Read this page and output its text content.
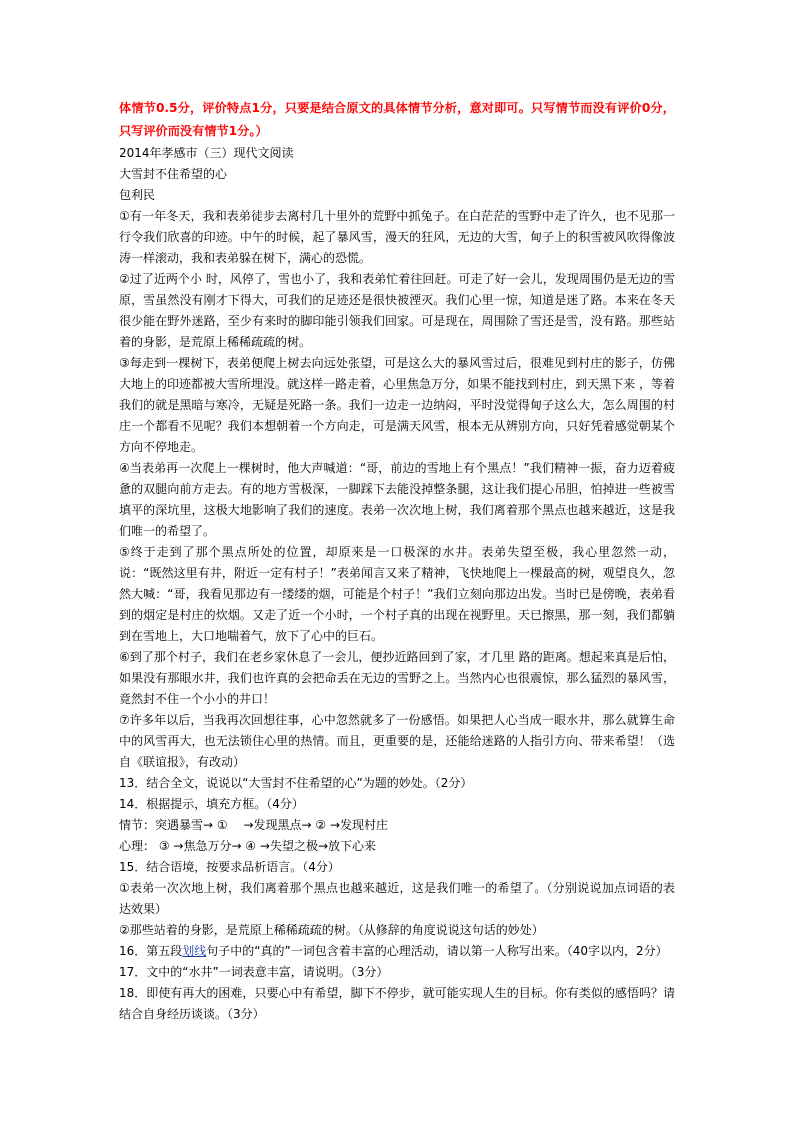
体情节0.5分，评价特点1分，只要是结合原文的具体情节分析，意对即可。只写情节而没有评价0分，只写评价而没有情节1分。）

2014年孝感市（三）现代文阅读

大雪封不住希望的心

包利民

①有一年冬天，我和表弟徒步去离村几十里外的荒野中抓兔子。在白茫茫的雪野中走了许久，也不见那一行令我们欣喜的印迹。中午的时候，起了暴风雪，漫天的狂风，无边的大雪，甸子上的积雪被风吹得像波涛一样滚动，我和表弟躲在树下，满心的恐慌。

②过了近两个小 时，风停了，雪也小了，我和表弟忙着往回赶。可走了好一会儿，发现周围仍是无边的雪原，雪虽然没有刚才下得大，可我们的足迹还是很快被湮灭。我们心里一惊，知道是迷了路。本来在冬天很少能在野外迷路，至少有来时的脚印能引领我们回家。可是现在，周围除了雪还是雪，没有路。那些站着的身影，是荒原上稀稀疏疏的树。

③每走到一棵树下，表弟便爬上树去向远处张望，可是这么大的暴风雪过后，很难见到村庄的影子，仿佛大地上的印迹都被大雪所埋没。就这样一路走着，心里焦急万分，如果不能找到村庄，到天黑下来 ，等着我们的就是黑暗与寒冷，无疑是死路一条。我们一边走一边纳闷，平时没觉得甸子这么大，怎么周围的村庄一个都看不见呢？我们本想朝着一个方向走，可是满天风雪，根本无从辨别方向，只好凭着感觉朝某个方向不停地走。

④当表弟再一次爬上一棵树时，他大声喊道：“哥，前边的雪地上有个黑点！”我们精神一振，奋力迈着疲惫的双腿向前方走去。有的地方雪极深，一脚踩下去能没掉整条腿，这让我们提心吊胆，怕掉进一些被雪填平的深坑里，这极大地影响了我们的速度。表弟一次次地上树，我们离着那个黑点也越来越近，这是我们唯一的希望了。

⑤终于走到了那个黑点所处的位置，却原来是一口极深的水井。表弟失望至极，我心里忽然一动，说：“既然这里有井，附近一定有村子！”表弟闻言又来了精神，飞快地爬上一棵最高的树，观望良久，忽然大喊：“哥，我看见那边有一缕缕的烟，可能是个村子！”我们立刻向那边出发。当时已是傍晚，表弟看到的烟定是村庄的炊烟。又走了近一个小时，一个村子真的出现在视野里。天已擦黑，那一刻，我们都躺到在雪地上，大口地喘着气，放下了心中的巨石。

⑥到了那个村子，我们在老乡家休息了一会儿，便抄近路回到了家，才几里 路的距离。想起来真是后怕，如果没有那眼水井，我们也许真的会把命丢在无边的雪野之上。当然内心也很震惊，那么猛烈的暴风雪，竟然封不住一个小小的井口！

⑦许多年以后，当我再次回想往事，心中忽然就多了一份感悟。如果把人心当成一眼水井，那么就算生命中的风雪再大，也无法锁住心里的热情。而且，更重要的是，还能给迷路的人指引方向、带来希望！（选自《联谊报》，有改动）

13．结合全文，说说以“大雪封不住希望的心”为题的妙处。（2分）

14．根据提示，填充方框。（4分）

情节：突遇暴雪→ ①　 →发现黑点→ ② →发现村庄

心理： ③ →焦急万分→ ④ →失望之极→放下心来

15．结合语境，按要求品析语言。（4分）

①表弟一次次地上树，我们离着那个黑点也越来越近，这是我们唯一的希望了。（分别说说加点词语的表达效果）

②那些站着的身影，是荒原上稀稀疏疏的树。（从修辞的角度说说这句话的妙处）

16．第五段划线句子中的“真的”一词包含着丰富的心理活动，请以第一人称写出来。（40字以内，2分）

17．文中的“水井”一词表意丰富，请说明。（3分）

18．即使有再大的困难，只要心中有希望，脚下不停步，就可能实现人生的目标。你有类似的感悟吗？请结合自身经历谈谈。（3分）
